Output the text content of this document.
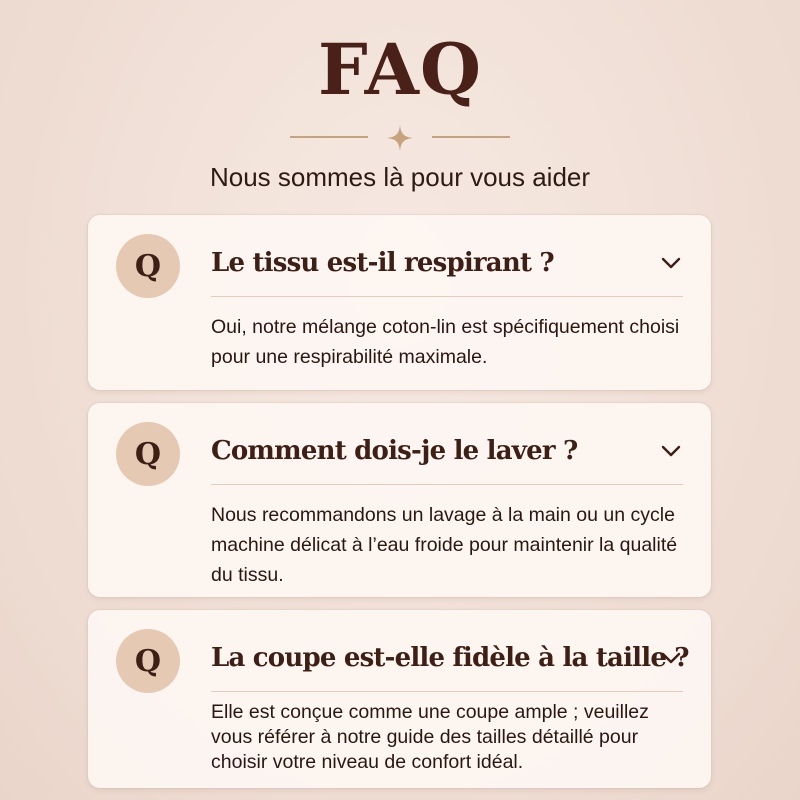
FAQ
Nous sommes là pour vous aider
Q	Le tissu est-il respirant ?
Oui, notre mélange coton-lin est spécifiquement choisi pour une respirabilité maximale.
Q	Comment dois-je le laver ?
Nous recommandons un lavage à la main ou un cycle machine délicat à l’eau froide pour maintenir la qualité du tissu.
Q	La coupe est-elle fidèle à la taille ?
Elle est conçue comme une coupe ample ; veuillez vous référer à notre guide des tailles détaillé pour choisir votre niveau de confort idéal.
